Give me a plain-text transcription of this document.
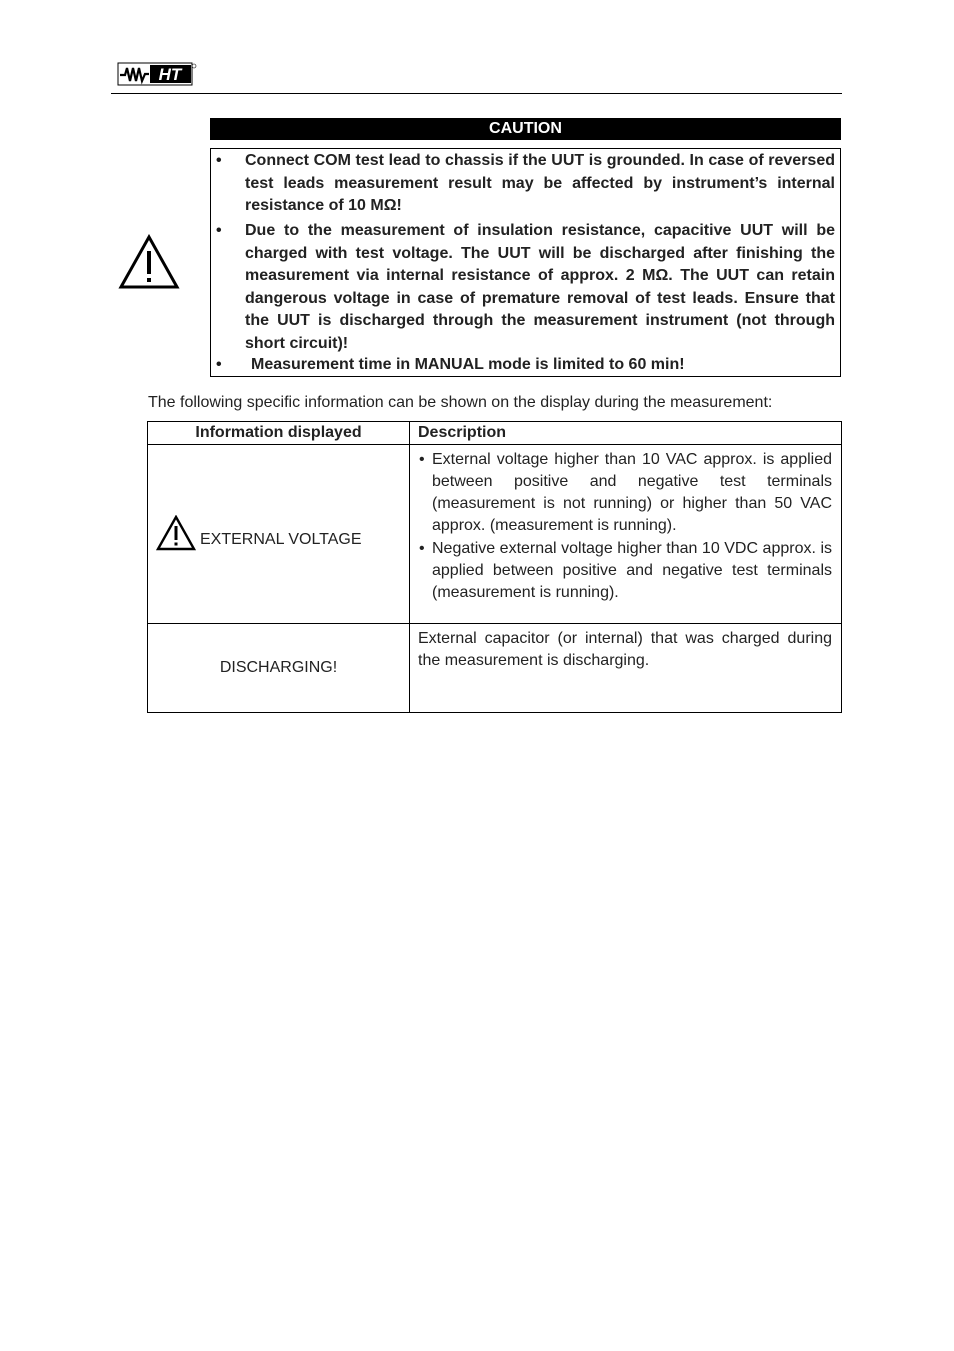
HT
CAUTION
• Connect COM test lead to chassis if the UUT is grounded. In case of reversed test leads measurement result may be affected by instrument’s internal resistance of 10 MΩ!
• Due to the measurement of insulation resistance, capacitive UUT will be charged with test voltage. The UUT will be discharged after finishing the measurement via internal resistance of approx. 2 MΩ. The UUT can retain dangerous voltage in case of premature removal of test leads. Ensure that the UUT is discharged through the measurement instrument (not through short circuit)!
• Measurement time in MANUAL mode is limited to 60 min!
The following specific information can be shown on the display during the measurement:
Information displayed	Description

EXTERNAL VOLTAGE	• External voltage higher than 10 VAC approx. is applied between positive and negative test terminals (measurement is not running) or higher than 50 VAC approx. (measurement is running).
• Negative external voltage higher than 10 VDC approx. is applied between positive and negative test terminals (measurement is running).

DISCHARGING!	External capacitor (or internal) that was charged during the measurement is discharging.
